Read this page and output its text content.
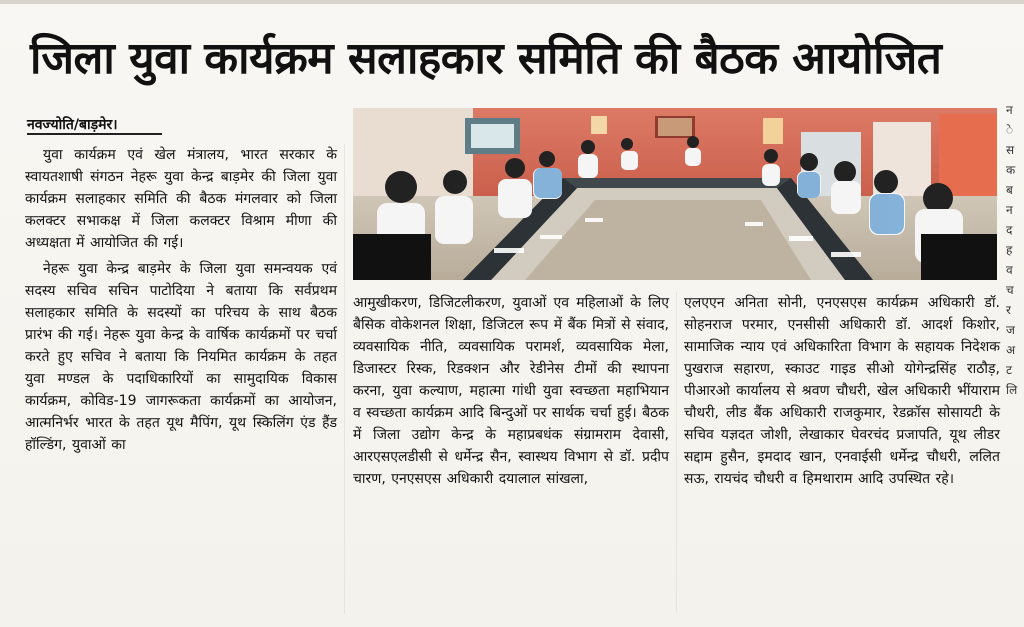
जिला युवा कार्यक्रम सलाहकार समिति की बैठक आयोजित
नवज्योति/बाड़मेर।

युवा कार्यक्रम एवं खेल मंत्रालय, भारत सरकार के स्वायतशाषी संगठन नेहरू युवा केन्द्र बाड़मेर की जिला युवा कार्यक्रम सलाहकार समिति की बैठक मंगलवार को जिला कलक्टर सभाकक्ष में जिला कलक्टर विश्राम मीणा की अध्यक्षता में आयोजित की गई।

नेहरू युवा केन्द्र बाड़मेर के जिला युवा समन्वयक एवं सदस्य सचिव सचिन पाटोदिया ने बताया कि सर्वप्रथम सलाहकार समिति के सदस्यों का परिचय के साथ बैठक प्रारंभ की गई। नेहरू युवा केन्द्र के वार्षिक कार्यक्रमों पर चर्चा करते हुए सचिव ने बताया कि नियमित कार्यक्रम के तहत युवा मण्डल के पदाधिकारियों का सामुदायिक विकास कार्यक्रम, कोविड-19 जागरूकता कार्यक्रमों का आयोजन, आत्मनिर्भर भारत के तहत यूथ मैपिंग, यूथ स्किलिंग एंड हैंड हॉल्डिंग, युवाओं का

आमुखीकरण, डिजिटलीकरण, युवाओं एव महिलाओं के लिए बैसिक वोकेशनल शिक्षा, डिजिटल रूप में बैंक मित्रों से संवाद, व्यवसायिक नीति, व्यवसायिक परामर्श, व्यवसायिक मेला, डिजास्टर रिस्क, रिडक्शन और रेडीनेस टीमों की स्थापना करना, युवा कल्याण, महात्मा गांधी युवा स्वच्छता महाभियान व स्वच्छता कार्यक्रम आदि बिन्दुओं पर सार्थक चर्चा हुई। बैठक में जिला उद्योग केन्द्र के महाप्रबधंक संग्रामराम देवासी, आरएसएलडीसी से धर्मेन्द्र सैन, स्वास्थय विभाग से डॉ. प्रदीप चारण, एनएसएस अधिकारी दयालाल सांखला,

एलएएन अनिता सोनी, एनएसएस कार्यक्रम अधिकारी डॉ. सोहनराज परमार, एनसीसी अधिकारी डॉ. आदर्श किशोर, सामाजिक न्याय एवं अधिकारिता विभाग के सहायक निदेशक पुखराज सहारण, स्काउट गाइड सीओ योगेन्द्रसिंह राठौड़, पीआरओ कार्यालय से श्रवण चौधरी, खेल अधिकारी भींयाराम चौधरी, लीड बैंक अधिकारी राजकुमार, रेडक्रॉस सोसायटी के सचिव यज्ञदत जोशी, लेखाकार घेवरचंद प्रजापति, यूथ लीडर सद्दाम हुसैन, इमदाद खान, एनवाईसी धर्मेन्द्र चौधरी, ललित सऊ, रायचंद चौधरी व हिमथाराम आदि उपस्थित रहे।

न
े
स
क
ब
न
द
ह
व
च
र
ज
अ
ट
लि
